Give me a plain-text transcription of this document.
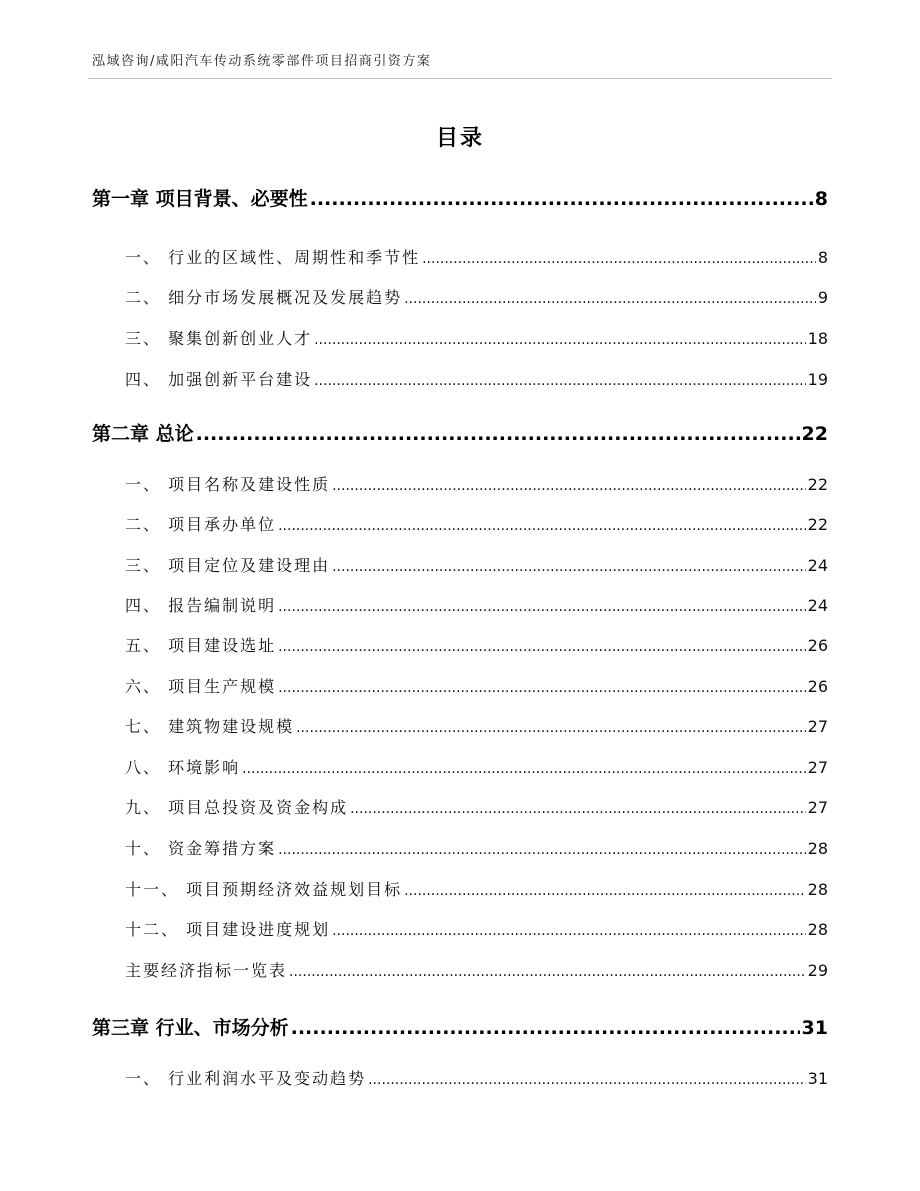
泓域咨询/咸阳汽车传动系统零部件项目招商引资方案
目录
第一章 项目背景、必要性 .....	8
一、 行业的区域性、周期性和季节性 .....	8
二、 细分市场发展概况及发展趋势 .....	9
三、 聚集创新创业人才 .....	18
四、 加强创新平台建设 .....	19
第二章 总论 .....	22
一、 项目名称及建设性质 .....	22
二、 项目承办单位 .....	22
三、 项目定位及建设理由 .....	24
四、 报告编制说明 .....	24
五、 项目建设选址 .....	26
六、 项目生产规模 .....	26
七、 建筑物建设规模 .....	27
八、 环境影响 .....	27
九、 项目总投资及资金构成 .....	27
十、 资金筹措方案 .....	28
十一、 项目预期经济效益规划目标 .....	28
十二、 项目建设进度规划 .....	28
主要经济指标一览表 .....	29
第三章 行业、市场分析 .....	31
一、 行业利润水平及变动趋势 .....	31
